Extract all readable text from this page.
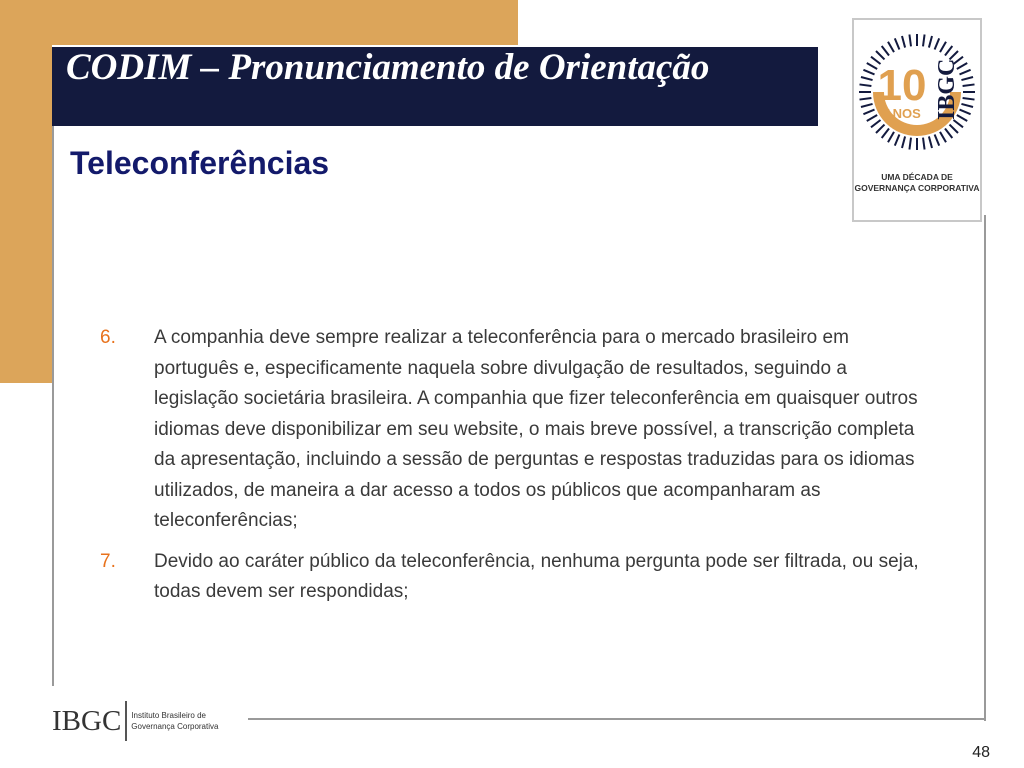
CODIM – Pronunciamento de Orientação
Teleconferências
6.	A companhia deve sempre realizar a teleconferência para o mercado brasileiro em português e, especificamente naquela sobre divulgação de resultados, seguindo a legislação societária brasileira. A companhia que fizer teleconferência em quaisquer outros idiomas deve disponibilizar em seu website, o mais breve possível, a transcrição completa da apresentação, incluindo a sessão de perguntas e respostas traduzidas para os idiomas utilizados, de maneira a dar acesso a todos os públicos que acompanharam as teleconferências;
7.	Devido ao caráter público da teleconferência, nenhuma pergunta pode ser filtrada, ou seja, todas devem ser respondidas;
10
ANOS IBGC
UMA DÉCADA DE GOVERNANÇA CORPORATIVA
IBGC Instituto Brasileiro de
Governança Corporativa
48
